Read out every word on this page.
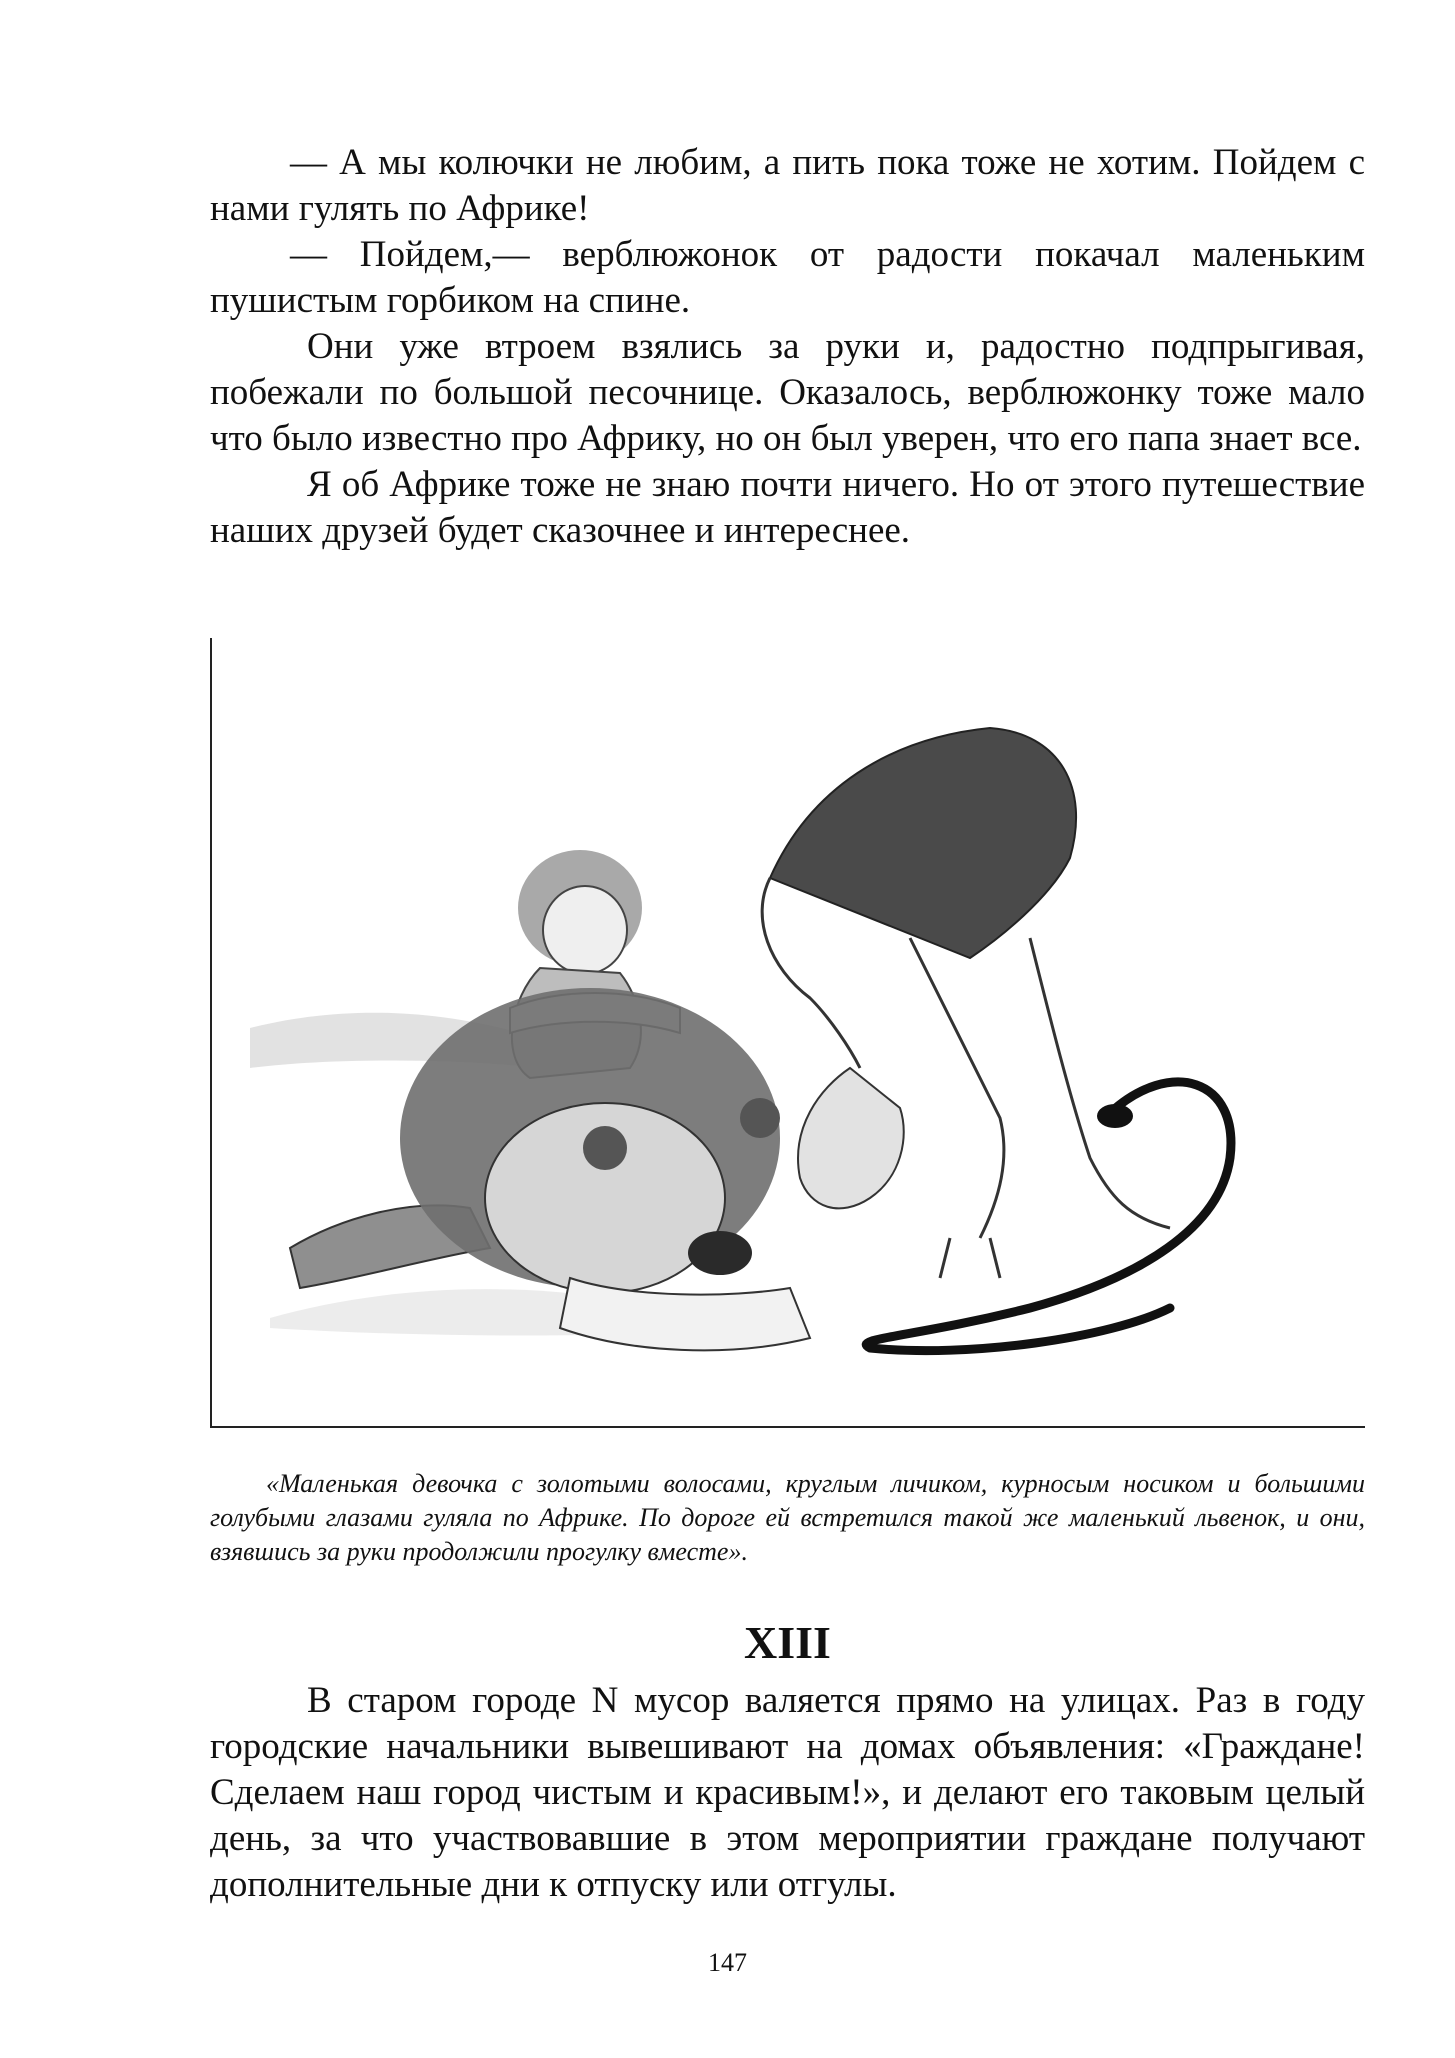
— А мы колючки не любим, а пить пока тоже не хотим. Пойдем с нами гулять по Африке!

— Пойдем,— верблюжонок от радости покачал маленьким пушистым горбиком на спине.

Они уже втроем взялись за руки и, радостно подпрыгивая, побежали по большой песочнице. Оказалось, верблюжонку тоже мало что было известно про Африку, но он был уверен, что его папа знает все.

Я об Африке тоже не знаю почти ничего. Но от этого путешествие наших друзей будет сказочнее и интереснее.

«Маленькая девочка с золотыми волосами, круглым личиком, курносым носиком и большими голубыми глазами гуляла по Африке. По дороге ей встретился такой же маленький львенок, и они, взявшись за руки продолжили прогулку вместе».

XIII

В старом городе N мусор валяется прямо на улицах. Раз в году городские начальники вывешивают на домах объявления: «Граждане! Сделаем наш город чистым и красивым!», и делают его таковым целый день, за что участвовавшие в этом мероприятии граждане получают дополнительные дни к отпуску или отгулы.

147
